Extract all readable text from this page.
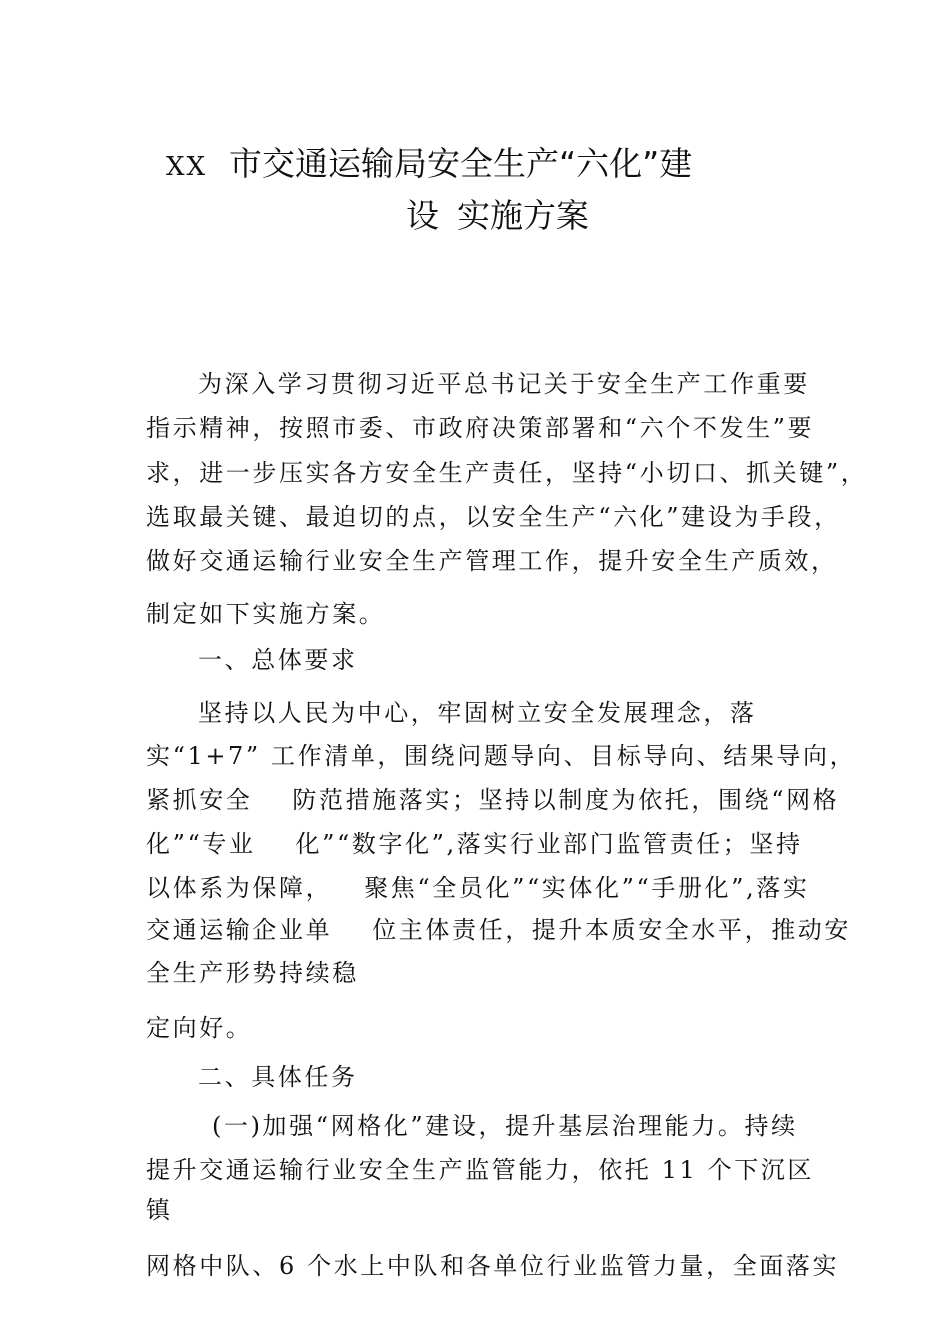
XX 市交通运输局安全生产“六化”建
设 实施方案
为深入学习贯彻习近平总书记关于安全生产工作重要
指示精神，按照市委、市政府决策部署和“六个不发生”要
求，进一步压实各方安全生产责任，坚持“小切口、抓关键”，
选取最关键、最迫切的点，以安全生产“六化”建设为手段，
做好交通运输行业安全生产管理工作，提升安全生产质效，
制定如下实施方案。
一、总体要求
坚持以人民为中心，牢固树立安全发展理念，落
实“1+7” 工作清单，围绕问题导向、目标导向、结果导向，
紧抓安全 防范措施落实；坚持以制度为依托，围绕“网格
化”“专业 化”“数字化”,落实行业部门监管责任；坚持
以体系为保障， 聚焦“全员化”“实体化”“手册化”,落实
交通运输企业单 位主体责任，提升本质安全水平，推动安
全生产形势持续稳
定向好。
二、具体任务
(一)加强“网格化”建设，提升基层治理能力。持续
提升交通运输行业安全生产监管能力，依托 11 个下沉区
镇
网格中队、6 个水上中队和各单位行业监管力量，全面落实
